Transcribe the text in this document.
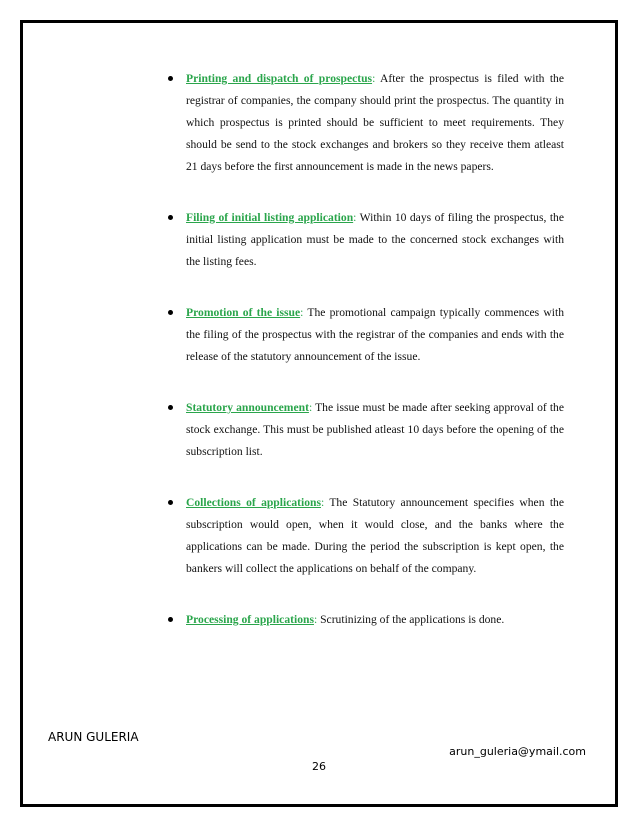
Printing and dispatch of prospectus: After the prospectus is filed with the registrar of companies, the company should print the prospectus. The quantity in which prospectus is printed should be sufficient to meet requirements. They should be send to the stock exchanges and brokers so they receive them atleast 21 days before the first announcement is made in the news papers.
Filing of initial listing application: Within 10 days of filing the prospectus, the initial listing application must be made to the concerned stock exchanges with the listing fees.
Promotion of the issue: The promotional campaign typically commences with the filing of the prospectus with the registrar of the companies and ends with the release of the statutory announcement of the issue.
Statutory announcement: The issue must be made after seeking approval of the stock exchange. This must be published atleast 10 days before the opening of the subscription list.
Collections of applications: The Statutory announcement specifies when the subscription would open, when it would close, and the banks where the applications can be made. During the period the subscription is kept open, the bankers will collect the applications on behalf of the company.
Processing of applications: Scrutinizing of the applications is done.
ARUN GULERIA
arun_guleria@ymail.com
26
